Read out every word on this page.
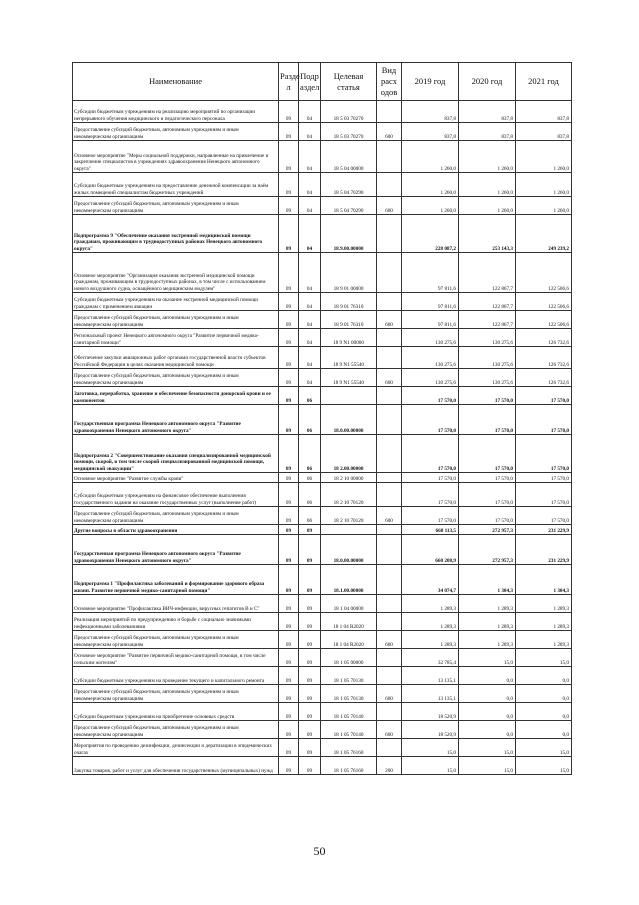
Наименование	Разде л	Подр аздел	Целевая статья	Вид расх одов	2019 год	2020 год	2021 год
Субсидии бюджетным учреждениям на реализацию мероприятий по организации непрерывного обучения медицинского и педагогического персонала	09	04	18 5 03 70270		837,8	837,8	837,8
Предоставление субсидий бюджетным, автономным учреждениям и иным некоммерческим организациям	09	04	18 5 03 70270	600	837,8	837,8	837,8
Основное мероприятие "Меры социальной поддержки, направленные на привлечение и закрепление специалистов в учреждениях здравоохранения Ненецкого автономного округа"	09	04	18 5 04 00000		1 260,0	1 260,0	1 260,0
Субсидии бюджетным учреждениям на предоставление денежной компенсации за наём жилых помещений специалистам бюджетных учреждений	09	04	18 5 04 70290		1 260,0	1 260,0	1 260,0
Предоставление субсидий бюджетным, автономным учреждениям и иным некоммерческим организациям	09	04	18 5 04 70290	600	1 260,0	1 260,0	1 260,0
Подпрограмма 9 "Обеспечение оказания экстренной медицинской помощи гражданам, проживающим в труднодоступных районах Ненецкого автономного округа"	09	04	18.9.00.00000		228 087,2	253 143,3	249 239,2
Основное мероприятие "Организация оказания экстренной медицинской помощи гражданам, проживающим в труднодоступных районах, в том числе с использованием нового воздушного судна, оснащённого медицинским модулем"	09	04	18 9 01 00000		97 811,6	122 867,7	122 506,6
Субсидии бюджетным учреждениям на оказание экстренной медицинской помощи гражданам с применением авиации	09	04	18 9 01 76310		97 811,6	122 867,7	122 506,6
Предоставление субсидий бюджетным, автономным учреждениям и иным некоммерческим организациям	09	04	18 9 01 76310	600	97 811,6	122 867,7	122 506,6
Региональный проект Ненецкого автономного округа "Развитие первичной медико-санитарной помощи"	09	04	18 9 N1 00000		130 275,6	130 275,6	126 732,6
Обеспечение закупки авиационных работ органами государственной власти субъектов Российской Федерации в целях оказания медицинской помощи	09	04	18 9 N1 55540		130 275,6	130 275,6	126 732,6
Предоставление субсидий бюджетным, автономным учреждениям и иным некоммерческим организациям	09	04	18 9 N1 55540	600	130 275,6	130 275,6	126 732,6
Заготовка, переработка, хранение и обеспечение безопасности донорской крови и ее компонентов	09	06			17 570,0	17 570,0	17 570,0
Государственная программа Ненецкого автономного округа "Развитие здравоохранения Ненецкого автономного округа"	09	06	18.0.00.00000		17 570,0	17 570,0	17 570,0
Подпрограмма 2 "Совершенствование оказания специализированной медицинской помощи, скорой, в том числе скорой специализированной медицинской помощи, медицинской эвакуации"	09	06	18 2.00.00000		17 570,0	17 570,0	17 570,0
Основное мероприятие "Развитие службы крови"	09	06	18 2 10 00000		17 570,0	17 570,0	17 570,0
Субсидии бюджетным учреждениям на финансовое обеспечение выполнения государственного задания на оказание государственных услуг (выполнение работ)	09	06	18 2 10 70120		17 570,0	17 570,0	17 570,0
Предоставление субсидий бюджетным, автономным учреждениям и иным некоммерческим организациям	09	06	18 2 10 70120	600	17 570,0	17 570,0	17 570,0
Другие вопросы в области здравоохранения	09	09			668 113,5	272 957,3	231 229,9
Государственная программа Ненецкого автономного округа "Развитие здравоохранения Ненецкого автономного округа"	09	09	18.0.00.00000		660 208,9	272 957,3	231 229,9
Подпрограмма 1 "Профилактика заболеваний и формирование здорового образа жизни. Развитие первичной медико-санитарной помощи"	09	09	18.1.00.00000		34 074,7	1 304,3	1 304,3
Основное мероприятие "Профилактика ВИЧ-инфекции, вирусных гепатитов В и С"	09	09	18 1 04 00000		1 289,3	1 289,3	1 289,3
Реализация мероприятий по предупреждению и борьбе с социально значимыми инфекционными заболеваниями	09	09	18 1 04 R2020		1 289,3	1 289,3	1 289,3
Предоставление субсидий бюджетным, автономным учреждениям и иным некоммерческим организациям	09	09	18 1 04 R2020	600	1 289,3	1 289,3	1 289,3
Основное мероприятие "Развитие первичной медико-санитарной помощи, в том числе сельским жителям"	09	09	18 1 05 00000		32 785,4	15,0	15,0
Субсидии бюджетным учреждениям на проведение текущего и капитального ремонта	09	09	18 1 05 70130		13 135,1	0,0	0,0
Предоставление субсидий бюджетным, автономным учреждениям и иным некоммерческим организациям	09	09	18 1 05 70130	600	13 135,1	0,0	0,0
Субсидии бюджетным учреждениям на приобретение основных средств	09	09	18 1 05 70140		18 520,9	0,0	0,0
Предоставление субсидий бюджетным, автономным учреждениям и иным некоммерческим организациям	09	09	18 1 05 70140	600	18 520,9	0,0	0,0
Мероприятия по проведению дезинфекции, дезинсекции и дератизации в эпидемических очагах	09	09	18 1 05 76160		15,0	15,0	15,0
Закупка товаров, работ и услуг для обеспечения государственных (муниципальных) нужд	09	09	18 1 05 76160	200	15,0	15,0	15,0
50
